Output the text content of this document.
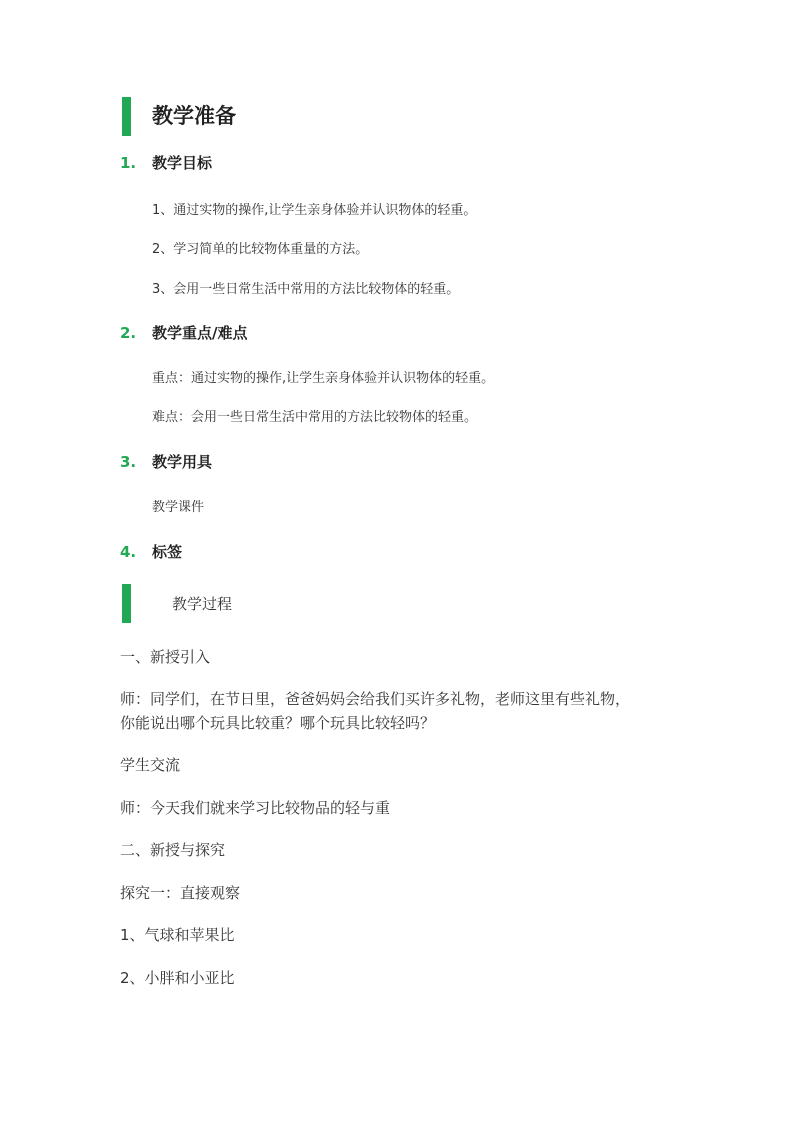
教学准备
1. 教学目标
1、通过实物的操作,让学生亲身体验并认识物体的轻重。
2、学习简单的比较物体重量的方法。
3、会用一些日常生活中常用的方法比较物体的轻重。
2. 教学重点/难点
重点：通过实物的操作,让学生亲身体验并认识物体的轻重。
难点：会用一些日常生活中常用的方法比较物体的轻重。
3. 教学用具
教学课件
4. 标签
教学过程
一、新授引入
师：同学们，在节日里，爸爸妈妈会给我们买许多礼物，老师这里有些礼物，
你能说出哪个玩具比较重？哪个玩具比较轻吗？
学生交流
师：今天我们就来学习比较物品的轻与重
二、新授与探究
探究一：直接观察
1、气球和苹果比
2、小胖和小亚比
